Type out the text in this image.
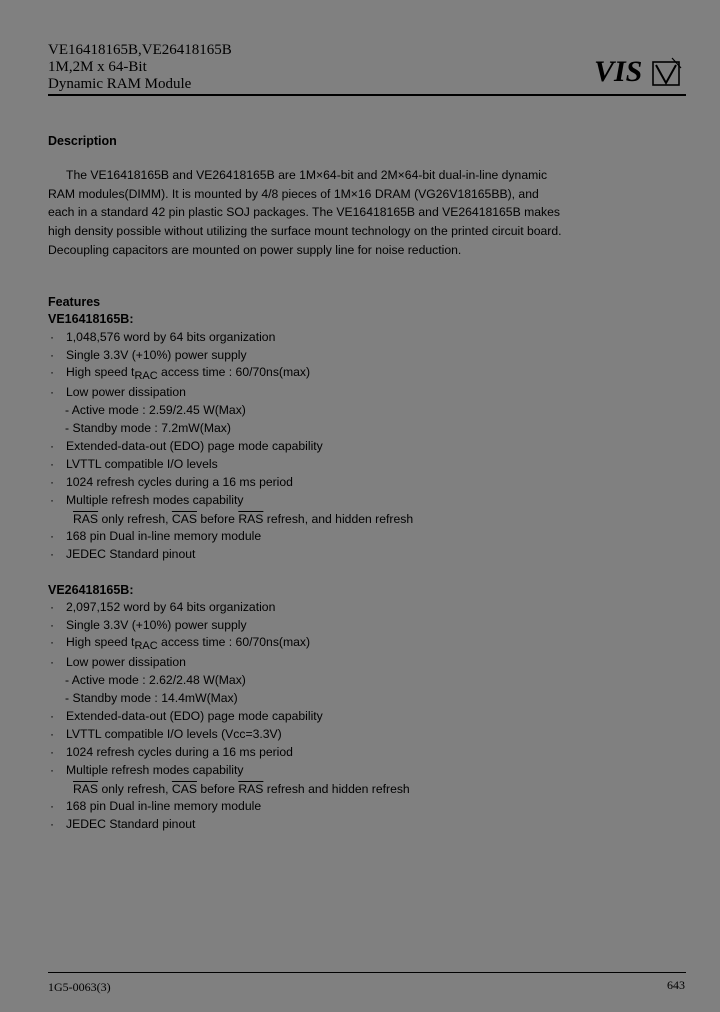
VE16418165B,VE26418165B
1M,2M x 64-Bit
Dynamic RAM Module	VIS
Description
The VE16418165B and VE26418165B are 1M×64-bit and 2M×64-bit dual-in-line dynamic
RAM modules(DIMM). It is mounted by 4/8 pieces of 1M×16 DRAM (VG26V18165BB), and
each in a standard 42 pin plastic SOJ packages. The VE16418165B and VE26418165B makes
high density possible without utilizing the surface mount technology on the printed circuit board.
Decoupling capacitors are mounted on power supply line for noise reduction.
Features
VE16418165B:
· 1,048,576 word by 64 bits organization
· Single 3.3V (+10%) power supply
· High speed tRAC access time : 60/70ns(max)
· Low power dissipation
- Active mode : 2.59/2.45 W(Max)
- Standby mode : 7.2mW(Max)
· Extended-data-out (EDO) page mode capability
· LVTTL compatible I/O levels
· 1024 refresh cycles during a 16 ms period
· Multiple refresh modes capability
$\overline{RAS}$ only refresh, $\overline{CAS}$ before $\overline{RAS}$ refresh, and hidden refresh
· 168 pin Dual in-line memory module
· JEDEC Standard pinout
VE26418165B:
· 2,097,152 word by 64 bits organization
· Single 3.3V (+10%) power supply
· High speed tRAC access time : 60/70ns(max)
· Low power dissipation
- Active mode : 2.62/2.48 W(Max)
- Standby mode : 14.4mW(Max)
· Extended-data-out (EDO) page mode capability
· LVTTL compatible I/O levels (Vcc=3.3V)
· 1024 refresh cycles during a 16 ms period
· Multiple refresh modes capability
$\overline{RAS}$ only refresh, $\overline{CAS}$ before $\overline{RAS}$ refresh and hidden refresh
· 168 pin Dual in-line memory module
· JEDEC Standard pinout
1G5-0063(3)	643
